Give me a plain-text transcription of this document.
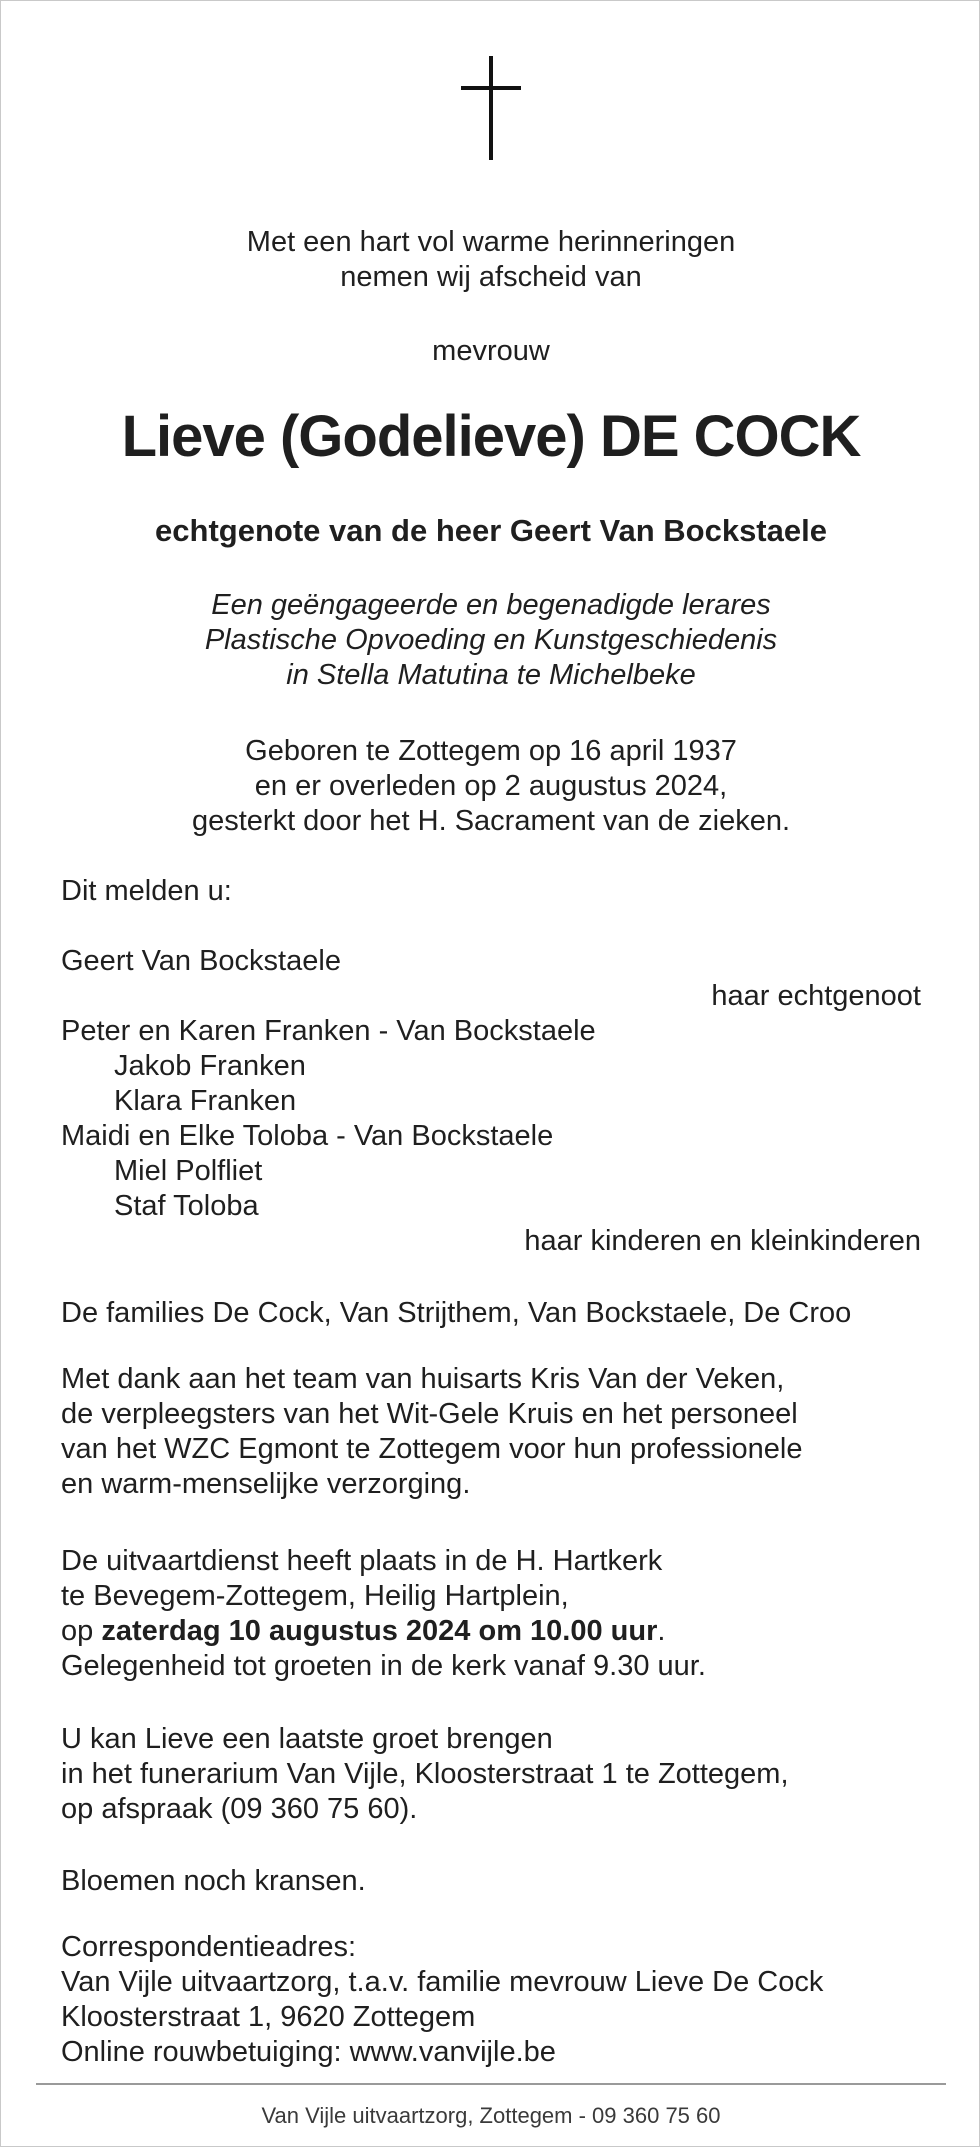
Met een hart vol warme herinneringen
nemen wij afscheid van
mevrouw
Lieve (Godelieve) DE COCK
echtgenote van de heer Geert Van Bockstaele
Een geëngageerde en begenadigde lerares
Plastische Opvoeding en Kunstgeschiedenis
in Stella Matutina te Michelbeke
Geboren te Zottegem op 16 april 1937
en er overleden op 2 augustus 2024,
gesterkt door het H. Sacrament van de zieken.
Dit melden u:
Geert Van Bockstaele
haar echtgenoot
Peter en Karen Franken - Van Bockstaele
Jakob Franken
Klara Franken
Maidi en Elke Toloba - Van Bockstaele
Miel Polfliet
Staf Toloba
haar kinderen en kleinkinderen
De families De Cock, Van Strijthem, Van Bockstaele, De Croo
Met dank aan het team van huisarts Kris Van der Veken,
de verpleegsters van het Wit-Gele Kruis en het personeel
van het WZC Egmont te Zottegem voor hun professionele
en warm-menselijke verzorging.
De uitvaartdienst heeft plaats in de H. Hartkerk
te Bevegem-Zottegem, Heilig Hartplein,
op zaterdag 10 augustus 2024 om 10.00 uur.
Gelegenheid tot groeten in de kerk vanaf 9.30 uur.
U kan Lieve een laatste groet brengen
in het funerarium Van Vijle, Kloosterstraat 1 te Zottegem,
op afspraak (09 360 75 60).
Bloemen noch kransen.
Correspondentieadres:
Van Vijle uitvaartzorg, t.a.v. familie mevrouw Lieve De Cock
Kloosterstraat 1, 9620 Zottegem
Online rouwbetuiging: www.vanvijle.be
Van Vijle uitvaartzorg, Zottegem - 09 360 75 60
